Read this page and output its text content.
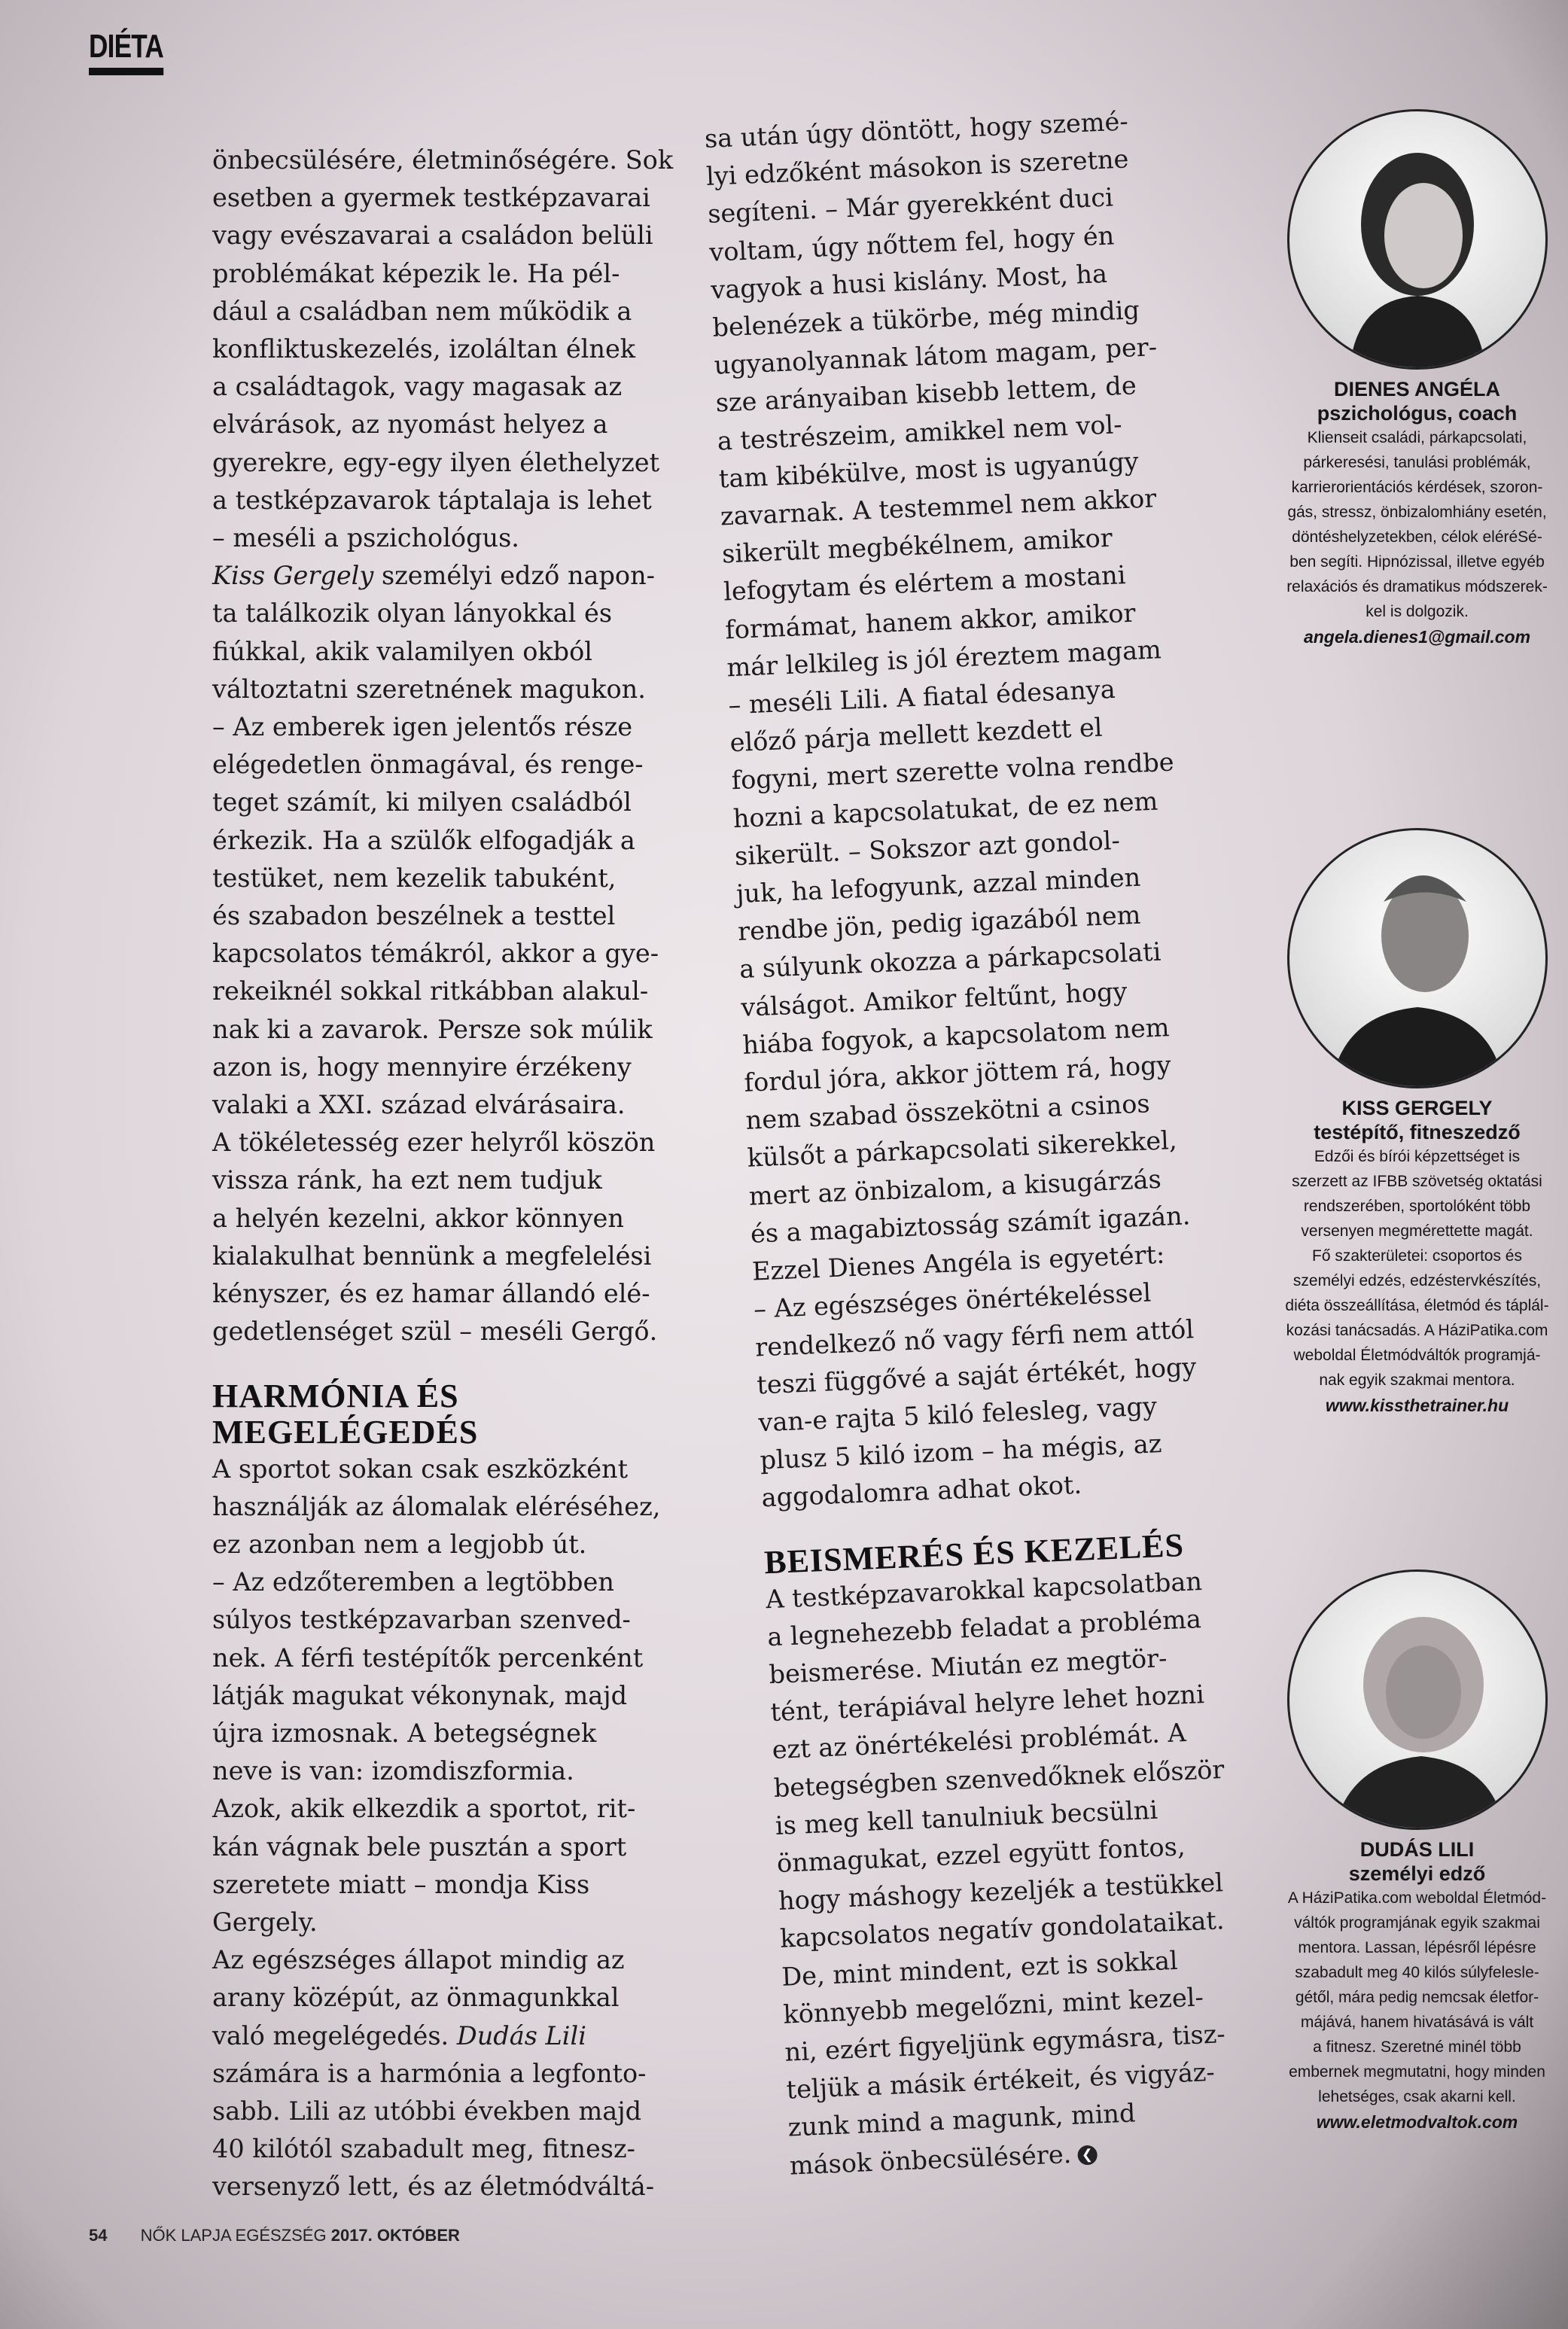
DIÉTA

önbecsülésére, életminőségére. Sok

esetben a gyermek testképzavarai

vagy evészavarai a családon belüli

problémákat képezik le. Ha pél-

dául a családban nem működik a

konfliktuskezelés, izoláltan élnek

a családtagok, vagy magasak az

elvárások, az nyomást helyez a

gyerekre, egy-egy ilyen élethelyzet

a testképzavarok táptalaja is lehet

– meséli a pszichológus.

Kiss Gergely személyi edző napon-

ta találkozik olyan lányokkal és

fiúkkal, akik valamilyen okból

változtatni szeretnének magukon.

– Az emberek igen jelentős része

elégedetlen önmagával, és renge-

teget számít, ki milyen családból

érkezik. Ha a szülők elfogadják a

testüket, nem kezelik tabuként,

és szabadon beszélnek a testtel

kapcsolatos témákról, akkor a gye-

rekeiknél sokkal ritkábban alakul-

nak ki a zavarok. Persze sok múlik

azon is, hogy mennyire érzékeny

valaki a XXI. század elvárásaira.

A tökéletesség ezer helyről köszön

vissza ránk, ha ezt nem tudjuk

a helyén kezelni, akkor könnyen

kialakulhat bennünk a megfelelési

kényszer, és ez hamar állandó elé-

gedetlenséget szül – meséli Gergő.

HARMÓNIA ÉS
MEGELÉGEDÉS

A sportot sokan csak eszközként

használják az álomalak eléréséhez,

ez azonban nem a legjobb út.

– Az edzőteremben a legtöbben

súlyos testképzavarban szenved-

nek. A férfi testépítők percenként

látják magukat vékonynak, majd

újra izmosnak. A betegségnek

neve is van: izomdiszformia.

Azok, akik elkezdik a sportot, rit-

kán vágnak bele pusztán a sport

szeretete miatt – mondja Kiss

Gergely.

Az egészséges állapot mindig az

arany középút, az önmagunkkal

való megelégedés. Dudás Lili

számára is a harmónia a legfonto-

sabb. Lili az utóbbi években majd

40 kilótól szabadult meg, fitnesz-

versenyző lett, és az életmódváltá-

sa után úgy döntött, hogy szemé-

lyi edzőként másokon is szeretne

segíteni. – Már gyerekként duci

voltam, úgy nőttem fel, hogy én

vagyok a husi kislány. Most, ha

belenézek a tükörbe, még mindig

ugyanolyannak látom magam, per-

sze arányaiban kisebb lettem, de

a testrészeim, amikkel nem vol-

tam kibékülve, most is ugyanúgy

zavarnak. A testemmel nem akkor

sikerült megbékélnem, amikor

lefogytam és elértem a mostani

formámat, hanem akkor, amikor

már lelkileg is jól éreztem magam

– meséli Lili. A fiatal édesanya

előző párja mellett kezdett el

fogyni, mert szerette volna rendbe

hozni a kapcsolatukat, de ez nem

sikerült. – Sokszor azt gondol-

juk, ha lefogyunk, azzal minden

rendbe jön, pedig igazából nem

a súlyunk okozza a párkapcsolati

válságot. Amikor feltűnt, hogy

hiába fogyok, a kapcsolatom nem

fordul jóra, akkor jöttem rá, hogy

nem szabad összekötni a csinos

külsőt a párkapcsolati sikerekkel,

mert az önbizalom, a kisugárzás

és a magabiztosság számít igazán.

Ezzel Dienes Angéla is egyetért:

– Az egészséges önértékeléssel

rendelkező nő vagy férfi nem attól

teszi függővé a saját értékét, hogy

van-e rajta 5 kiló felesleg, vagy

plusz 5 kiló izom – ha mégis, az

aggodalomra adhat okot.

BEISMERÉS ÉS KEZELÉS

A testképzavarokkal kapcsolatban

a legnehezebb feladat a probléma

beismerése. Miután ez megtör-

tént, terápiával helyre lehet hozni

ezt az önértékelési problémát. A

betegségben szenvedőknek először

is meg kell tanulniuk becsülni

önmagukat, ezzel együtt fontos,

hogy máshogy kezeljék a testükkel

kapcsolatos negatív gondolataikat.

De, mint mindent, ezt is sokkal

könnyebb megelőzni, mint kezel-

ni, ezért figyeljünk egymásra, tisz-

teljük a másik értékeit, és vigyáz-

zunk mind a magunk, mind

mások önbecsülésére. ❮

DIENES ANGÉLA
pszichológus, coach
Klienseit családi, párkapcsolati,
párkeresési, tanulási problémák,
karrierorientációs kérdések, szoron-
gás, stressz, önbizalomhiány esetén,
döntéshelyzetekben, célok eléréSé-
ben segíti. Hipnózissal, illetve egyéb
relaxációs és dramatikus módszerek-
kel is dolgozik.
angela.dienes1@gmail.com
KISS GERGELY
testépítő, fitneszedző
Edzői és bírói képzettséget is
szerzett az IFBB szövetség oktatási
rendszerében, sportolóként több
versenyen megmérettette magát.
Fő szakterületei: csoportos és
személyi edzés, edzéstervkészítés,
diéta összeállítása, életmód és táplál-
kozási tanácsadás. A HáziPatika.com
weboldal Életmódváltók programjá-
nak egyik szakmai mentora.
www.kissthetrainer.hu
DUDÁS LILI
személyi edző
A HáziPatika.com weboldal Életmód-
váltók programjának egyik szakmai
mentora. Lassan, lépésről lépésre
szabadult meg 40 kilós súlyfelesle-
gétől, mára pedig nemcsak életfor-
májává, hanem hivatásává is vált
a fitnesz. Szeretné minél több
embernek megmutatni, hogy minden
lehetséges, csak akarni kell.
www.eletmodvaltok.com
54 NŐK LAPJA EGÉSZSÉG 2017. OKTÓBER
